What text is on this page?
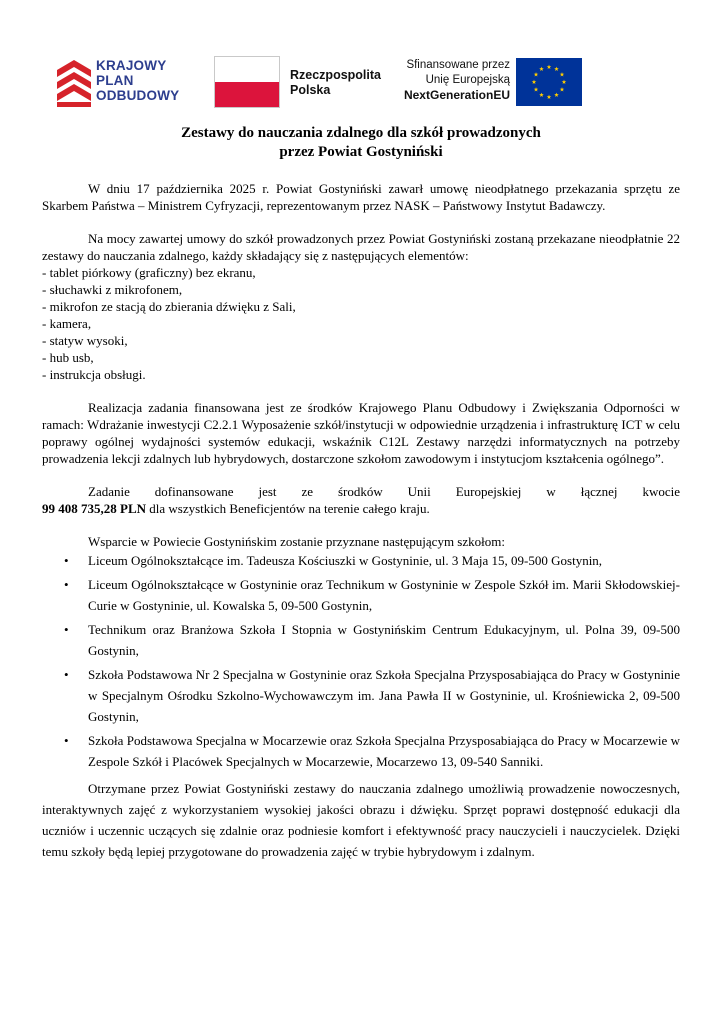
KRAJOWY
PLAN
ODBUDOWY
Rzeczpospolita
Polska
Sfinansowane przez
Unię Europejską
NextGenerationEU
Zestawy do nauczania zdalnego dla szkół prowadzonych
przez Powiat Gostyniński

W dniu 17 października 2025 r. Powiat Gostyniński zawarł umowę nieodpłatnego przekazania sprzętu ze Skarbem Państwa – Ministrem Cyfryzacji, reprezentowanym przez NASK – Państwowy Instytut Badawczy.

Na mocy zawartej umowy do szkół prowadzonych przez Powiat Gostyniński zostaną przekazane nieodpłatnie 22 zestawy do nauczania zdalnego, każdy składający się z następujących elementów:

- tablet piórkowy (graficzny) bez ekranu,
- słuchawki z mikrofonem,
- mikrofon ze stacją do zbierania dźwięku z Sali,
- kamera,
- statyw wysoki,
- hub usb,
- instrukcja obsługi.

Realizacja zadania finansowana jest ze środków Krajowego Planu Odbudowy i Zwiększania Odporności w ramach: Wdrażanie inwestycji C2.2.1 Wyposażenie szkół/instytucji w odpowiednie urządzenia i infrastrukturę ICT w celu poprawy ogólnej wydajności systemów edukacji, wskaźnik C12L Zestawy narzędzi informatycznych na potrzeby prowadzenia lekcji zdalnych lub hybrydowych, dostarczone szkołom zawodowym i instytucjom kształcenia ogólnego”.

Zadanie dofinansowane jest ze środków Unii Europejskiej w łącznej kwocie

99 408 735,28 PLN dla wszystkich Beneficjentów na terenie całego kraju.

Wsparcie w Powiecie Gostynińskim zostanie przyznane następującym szkołom:

• Liceum Ogólnokształcące im. Tadeusza Kościuszki w Gostyninie, ul. 3 Maja 15, 09-500 Gostynin,
• Liceum Ogólnokształcące w Gostyninie oraz Technikum w Gostyninie w Zespole Szkół im. Marii Skłodowskiej-Curie w Gostyninie, ul. Kowalska 5, 09-500 Gostynin,
• Technikum oraz Branżowa Szkoła I Stopnia w Gostynińskim Centrum Edukacyjnym, ul. Polna 39, 09-500 Gostynin,
• Szkoła Podstawowa Nr 2 Specjalna w Gostyninie oraz Szkoła Specjalna Przysposabiająca do Pracy w Gostyninie w Specjalnym Ośrodku Szkolno-Wychowawczym im. Jana Pawła II w Gostyninie, ul. Krośniewicka 2, 09-500 Gostynin,
• Szkoła Podstawowa Specjalna w Mocarzewie oraz Szkoła Specjalna Przysposabiająca do Pracy w Mocarzewie w Zespole Szkół i Placówek Specjalnych w Mocarzewie, Mocarzewo 13, 09-540 Sanniki.

Otrzymane przez Powiat Gostyniński zestawy do nauczania zdalnego umożliwią prowadzenie nowoczesnych, interaktywnych zajęć z wykorzystaniem wysokiej jakości obrazu i dźwięku. Sprzęt poprawi dostępność edukacji dla uczniów i uczennic uczących się zdalnie oraz podniesie komfort i efektywność pracy nauczycieli i nauczycielek. Dzięki temu szkoły będą lepiej przygotowane do prowadzenia zajęć w trybie hybrydowym i zdalnym.
